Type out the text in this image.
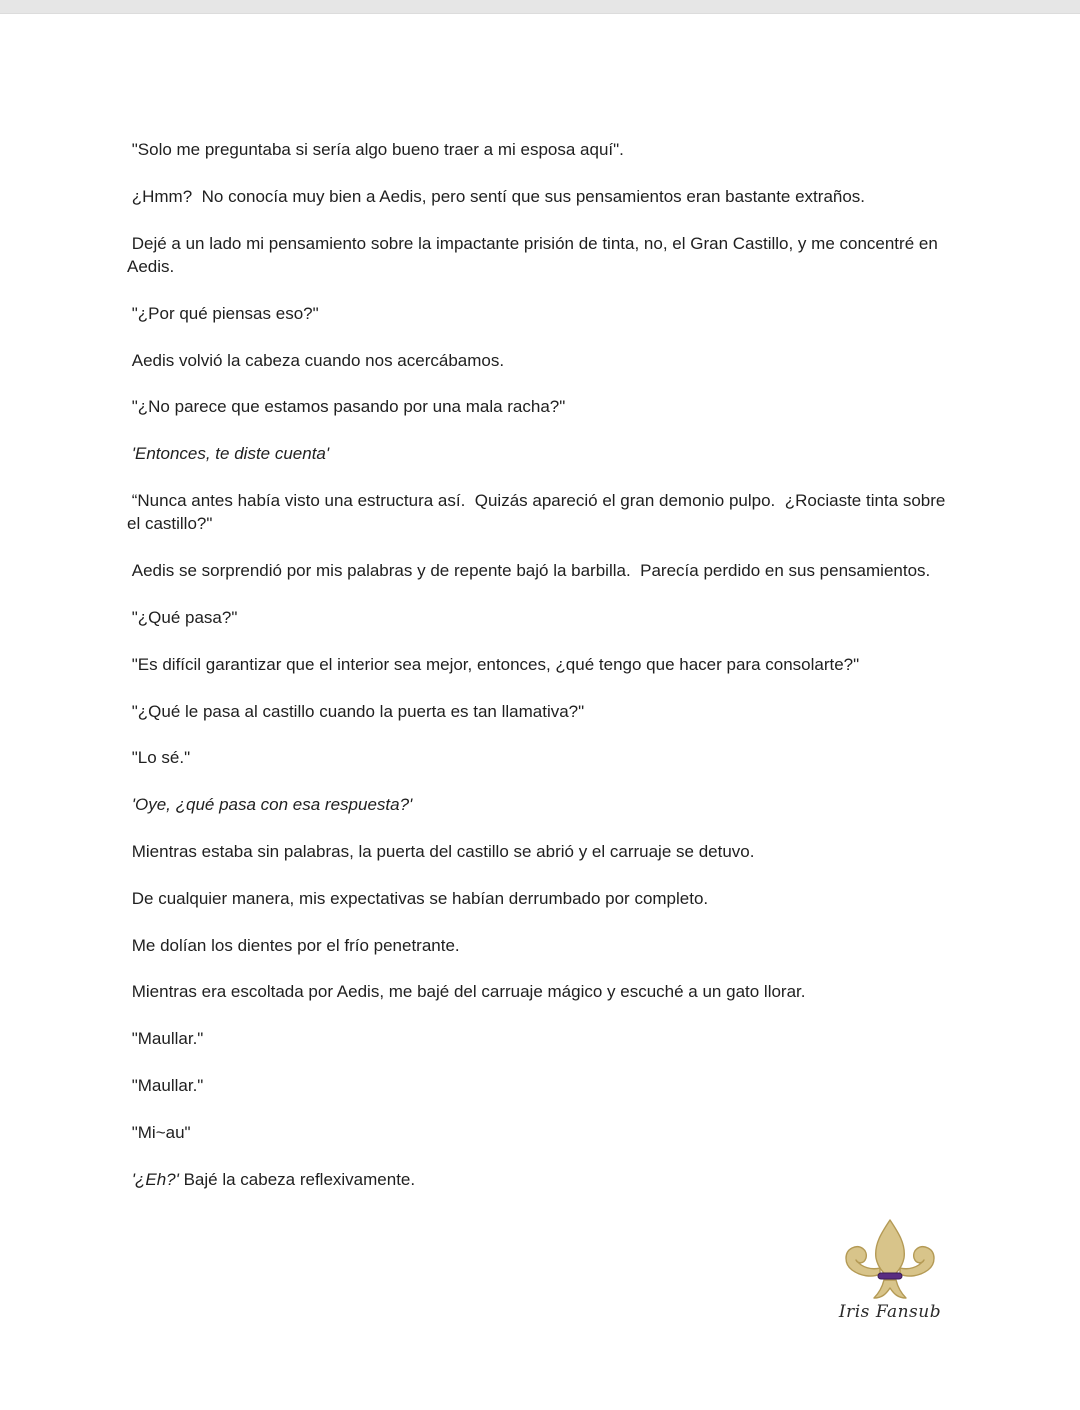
"Solo me preguntaba si sería algo bueno traer a mi esposa aquí".

¿Hmm?  No conocía muy bien a Aedis, pero sentí que sus pensamientos eran bastante extraños.

Dejé a un lado mi pensamiento sobre la impactante prisión de tinta, no, el Gran Castillo, y me concentré en Aedis.

"¿Por qué piensas eso?"

Aedis volvió la cabeza cuando nos acercábamos.

"¿No parece que estamos pasando por una mala racha?"

'Entonces, te diste cuenta'

“Nunca antes había visto una estructura así.  Quizás apareció el gran demonio pulpo.  ¿Rociaste tinta sobre el castillo?"

Aedis se sorprendió por mis palabras y de repente bajó la barbilla.  Parecía perdido en sus pensamientos.

"¿Qué pasa?"

"Es difícil garantizar que el interior sea mejor, entonces, ¿qué tengo que hacer para consolarte?"

"¿Qué le pasa al castillo cuando la puerta es tan llamativa?"

"Lo sé."

'Oye, ¿qué pasa con esa respuesta?'

Mientras estaba sin palabras, la puerta del castillo se abrió y el carruaje se detuvo.

De cualquier manera, mis expectativas se habían derrumbado por completo.

Me dolían los dientes por el frío penetrante.

Mientras era escoltada por Aedis, me bajé del carruaje mágico y escuché a un gato llorar.

"Maullar."

"Maullar."

"Mi~au"

'¿Eh?' Bajé la cabeza reflexivamente.

Iris Fansub
